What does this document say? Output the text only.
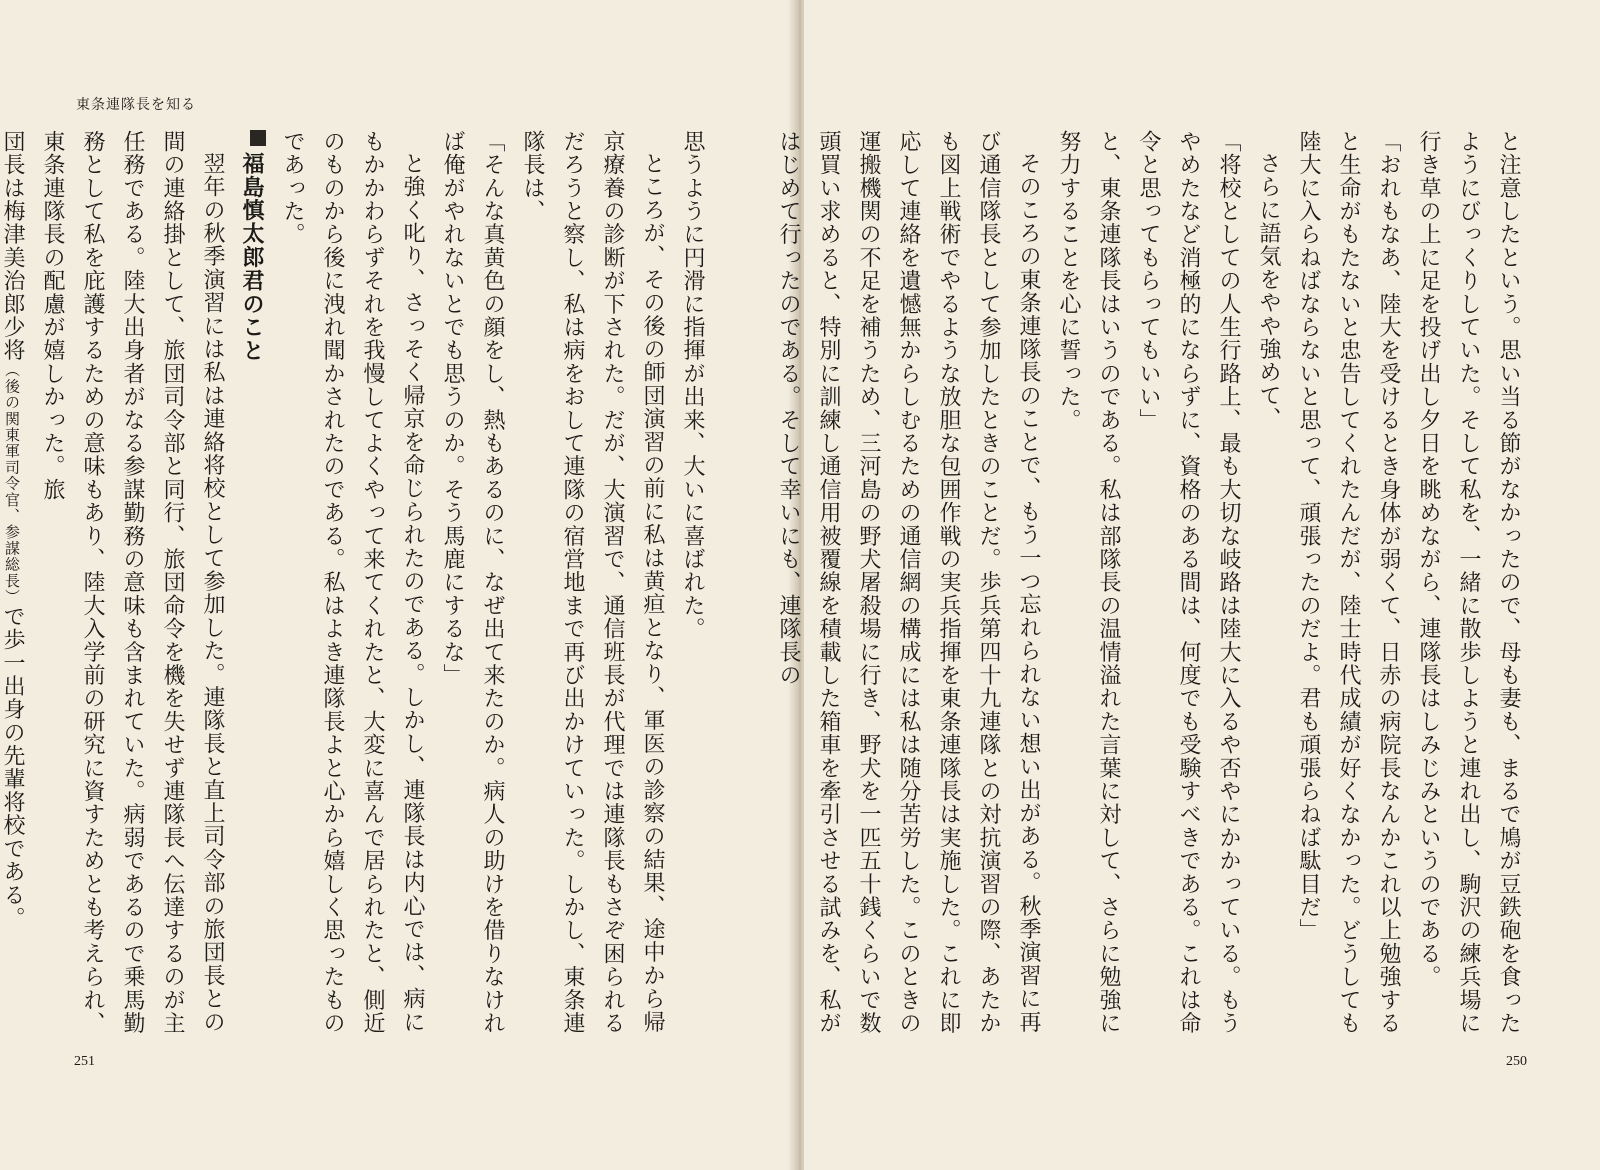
東条連隊長を知る

思うように円滑に指揮が出来、大いに喜ばれた。

ところが、その後の師団演習の前に私は黄疸となり、軍医の診察の結果、途中から帰京療養の診断が下された。だが、大演習で、通信班長が代理では連隊長もさぞ困られるだろうと察し、私は病をおして連隊の宿営地まで再び出かけていった。しかし、東条連隊長は、

「そんな真黄色の顔をし、熱もあるのに、なぜ出て来たのか。病人の助けを借りなければ俺がやれないとでも思うのか。そう馬鹿にするな」

と強く叱り、さっそく帰京を命じられたのである。しかし、連隊長は内心では、病にもかかわらずそれを我慢してよくやって来てくれたと、大変に喜んで居られたと、側近のものから後に洩れ聞かされたのである。私はよき連隊長よと心から嬉しく思ったものであった。

福島慎太郎君のこと

翌年の秋季演習には私は連絡将校として参加した。連隊長と直上司令部の旅団長との間の連絡掛として、旅団司令部と同行、旅団命令を機を失せず連隊長へ伝達するのが主任務である。陸大出身者がなる参謀勤務の意味も含まれていた。病弱であるので乗馬勤務として私を庇護するための意味もあり、陸大入学前の研究に資すためとも考えられ、東条連隊長の配慮が嬉しかった。旅

団長は梅津美治郎少将（後の関東軍司令官、参謀総長）で歩一出身の先輩将校である。

251	250

と注意したという。思い当る節がなかったので、母も妻も、まるで鳩が豆鉄砲を食ったようにびっくりしていた。そして私を、一緒に散歩しようと連れ出し、駒沢の練兵場に行き草の上に足を投げ出し夕日を眺めながら、連隊長はしみじみというのである。

「おれもなあ、陸大を受けるとき身体が弱くて、日赤の病院長なんかこれ以上勉強すると生命がもたないと忠告してくれたんだが、陸士時代成績が好くなかった。どうしても陸大に入らねばならないと思って、頑張ったのだよ。君も頑張らねば駄目だ」

さらに語気をやや強めて、

「将校としての人生行路上、最も大切な岐路は陸大に入るや否やにかかっている。もうやめたなど消極的にならずに、資格のある間は、何度でも受験すべきである。これは命令と思ってもらってもいい」

と、東条連隊長はいうのである。私は部隊長の温情溢れた言葉に対して、さらに勉強に努力することを心に誓った。

そのころの東条連隊長のことで、もう一つ忘れられない想い出がある。秋季演習に再び通信隊長として参加したときのことだ。歩兵第四十九連隊との対抗演習の際、あたかも図上戦術でやるような放胆な包囲作戦の実兵指揮を東条連隊長は実施した。これに即応して連絡を遺憾無からしむるための通信網の構成には私は随分苦労した。このときの運搬機関の不足を補うため、三河島の野犬屠殺場に行き、野犬を一匹五十銭くらいで数頭買い求めると、特別に訓練し通信用被覆線を積載した箱車を牽引させる試みを、私がはじめて行ったのである。そして幸いにも、連隊長の
